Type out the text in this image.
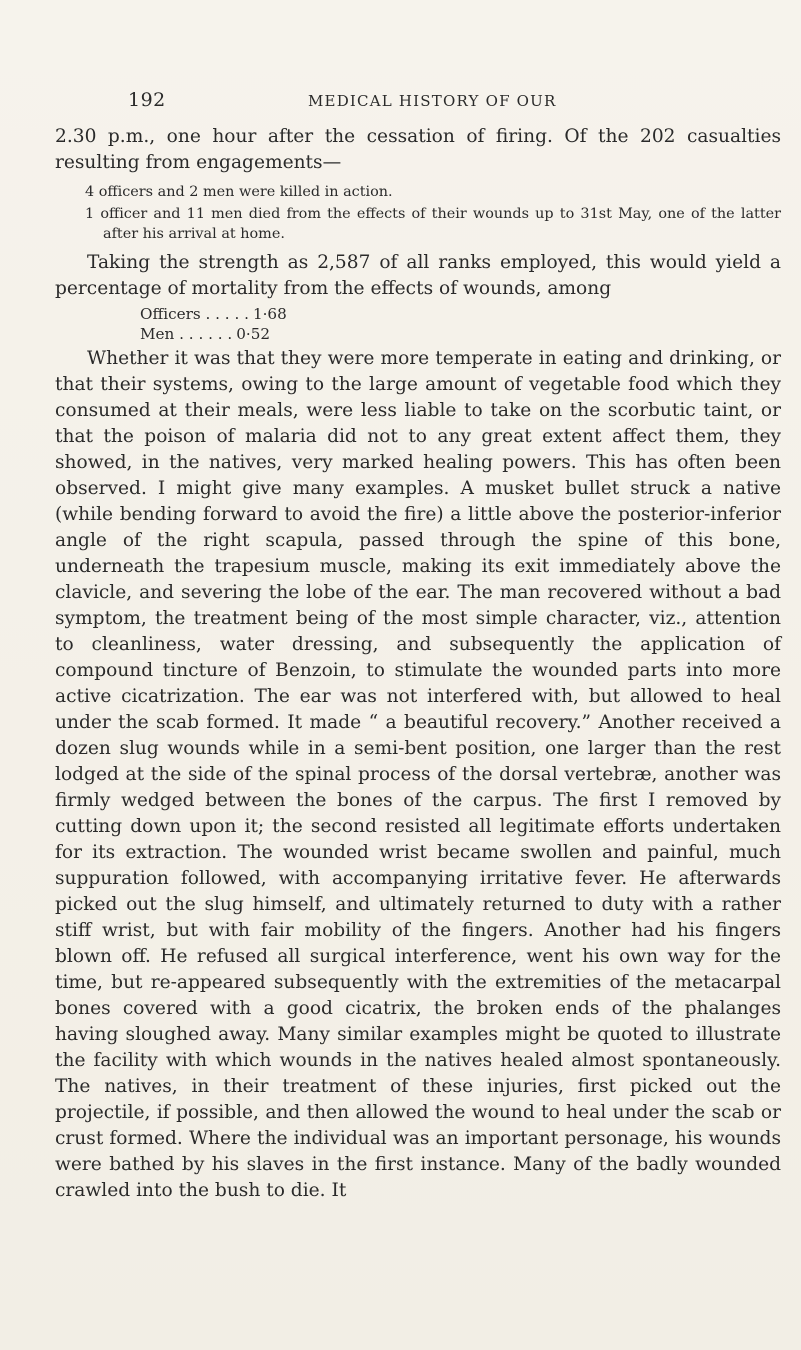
192	MEDICAL HISTORY OF OUR

2.30 p.m., one hour after the cessation of firing. Of the 202 casualties resulting from engagements—

4 officers and 2 men were killed in action.
1 officer and 11 men died from the effects of their wounds up to 31st May, one of the latter after his arrival at home.

Taking the strength as 2,587 of all ranks employed, this would yield a percentage of mortality from the effects of wounds, among

Officers . . . . . 1·68
Men . . . . . . 0·52

Whether it was that they were more temperate in eating and drinking, or that their systems, owing to the large amount of vegetable food which they consumed at their meals, were less liable to take on the scorbutic taint, or that the poison of malaria did not to any great extent affect them, they showed, in the natives, very marked healing powers. This has often been observed. I might give many examples. A musket bullet struck a native (while bending forward to avoid the fire) a little above the posterior-inferior angle of the right scapula, passed through the spine of this bone, underneath the trapesium muscle, making its exit immediately above the clavicle, and severing the lobe of the ear. The man recovered without a bad symptom, the treatment being of the most simple character, viz., attention to cleanliness, water dressing, and subsequently the application of compound tincture of Benzoin, to stimulate the wounded parts into more active cicatrization. The ear was not interfered with, but allowed to heal under the scab formed. It made “ a beautiful recovery.” Another received a dozen slug wounds while in a semi-bent position, one larger than the rest lodged at the side of the spinal process of the dorsal vertebræ, another was firmly wedged between the bones of the carpus. The first I removed by cutting down upon it; the second resisted all legitimate efforts undertaken for its extraction. The wounded wrist became swollen and painful, much suppuration followed, with accompanying irritative fever. He afterwards picked out the slug himself, and ultimately returned to duty with a rather stiff wrist, but with fair mobility of the fingers. Another had his fingers blown off. He refused all surgical interference, went his own way for the time, but re-appeared subsequently with the extremities of the metacarpal bones covered with a good cicatrix, the broken ends of the phalanges having sloughed away. Many similar examples might be quoted to illustrate the facility with which wounds in the natives healed almost spontaneously. The natives, in their treatment of these injuries, first picked out the projectile, if possible, and then allowed the wound to heal under the scab or crust formed. Where the individual was an important personage, his wounds were bathed by his slaves in the first instance. Many of the badly wounded crawled into the bush to die. It
